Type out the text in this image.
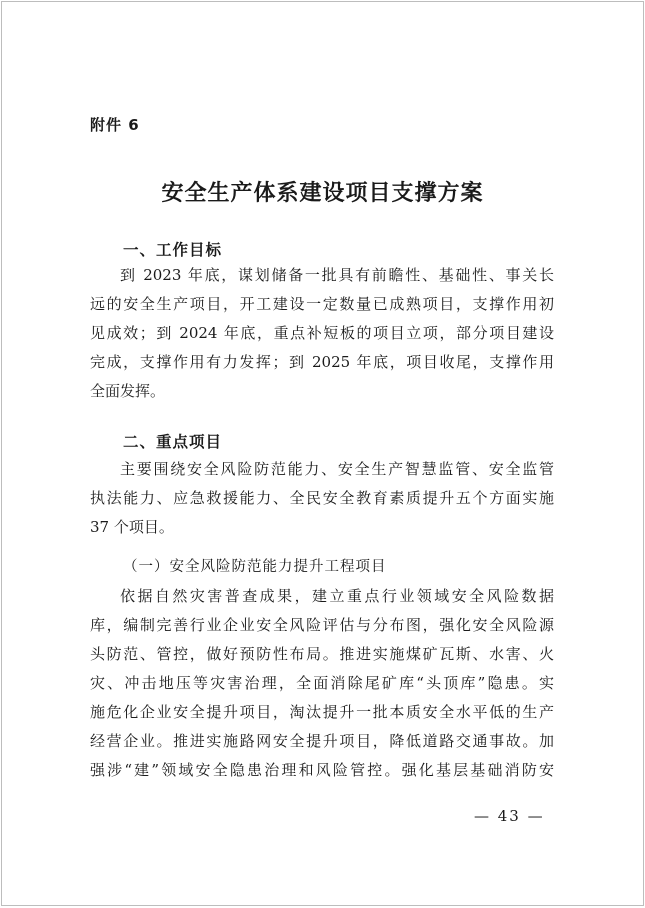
附件 6
安全生产体系建设项目支撑方案
一、工作目标
到 2023 年底，谋划储备一批具有前瞻性、基础性、事关长
远的安全生产项目，开工建设一定数量已成熟项目，支撑作用初
见成效；到 2024 年底，重点补短板的项目立项，部分项目建设
完成，支撑作用有力发挥；到 2025 年底，项目收尾，支撑作用
全面发挥。
二、重点项目
主要围绕安全风险防范能力、安全生产智慧监管、安全监管
执法能力、应急救援能力、全民安全教育素质提升五个方面实施
37 个项目。
（一）安全风险防范能力提升工程项目
依据自然灾害普查成果，建立重点行业领域安全风险数据
库，编制完善行业企业安全风险评估与分布图，强化安全风险源
头防范、管控，做好预防性布局。推进实施煤矿瓦斯、水害、火
灾、冲击地压等灾害治理，全面消除尾矿库“头顶库”隐患。实
施危化企业安全提升项目，淘汰提升一批本质安全水平低的生产
经营企业。推进实施路网安全提升项目，降低道路交通事故。加
强涉“建”领域安全隐患治理和风险管控。强化基层基础消防安
— 43 —
